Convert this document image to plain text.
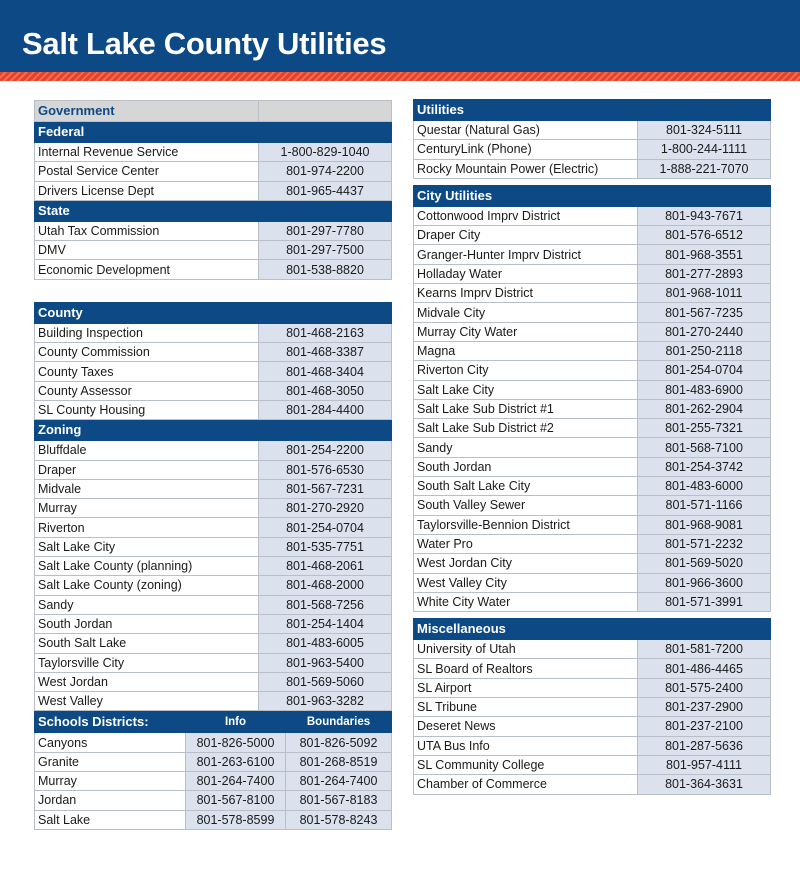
Salt Lake County Utilities
Government	
Federal	
Internal Revenue Service	1-800-829-1040
Postal Service Center	801-974-2200
Drivers License Dept	801-965-4437
State	
Utah Tax Commission	801-297-7780
DMV	801-297-7500
Economic Development	801-538-8820
County	
Building Inspection	801-468-2163
County Commission	801-468-3387
County Taxes	801-468-3404
County Assessor	801-468-3050
SL County Housing	801-284-4400
Zoning	
Bluffdale	801-254-2200
Draper	801-576-6530
Midvale	801-567-7231
Murray	801-270-2920
Riverton	801-254-0704
Salt Lake City	801-535-7751
Salt Lake County (planning)	801-468-2061
Salt Lake County (zoning)	801-468-2000
Sandy	801-568-7256
South Jordan	801-254-1404
South Salt Lake	801-483-6005
Taylorsville City	801-963-5400
West Jordan	801-569-5060
West Valley	801-963-3282
Schools Districts:	Info	Boundaries
Canyons	801-826-5000	801-826-5092
Granite	801-263-6100	801-268-8519
Murray	801-264-7400	801-264-7400
Jordan	801-567-8100	801-567-8183
Salt Lake	801-578-8599	801-578-8243
Utilities	
Questar (Natural Gas)	801-324-5111
CenturyLink (Phone)	1-800-244-1111
Rocky Mountain Power (Electric)	1-888-221-7070
City Utilities	
Cottonwood Imprv District	801-943-7671
Draper City	801-576-6512
Granger-Hunter Imprv District	801-968-3551
Holladay Water	801-277-2893
Kearns Imprv District	801-968-1011
Midvale City	801-567-7235
Murray City Water	801-270-2440
Magna	801-250-2118
Riverton City	801-254-0704
Salt Lake City	801-483-6900
Salt Lake Sub District #1	801-262-2904
Salt Lake Sub District #2	801-255-7321
Sandy	801-568-7100
South Jordan	801-254-3742
South Salt Lake City	801-483-6000
South Valley Sewer	801-571-1166
Taylorsville-Bennion District	801-968-9081
Water Pro	801-571-2232
West Jordan City	801-569-5020
West Valley City	801-966-3600
White City Water	801-571-3991
Miscellaneous	
University of Utah	801-581-7200
SL Board of Realtors	801-486-4465
SL Airport	801-575-2400
SL Tribune	801-237-2900
Deseret News	801-237-2100
UTA Bus Info	801-287-5636
SL Community College	801-957-4111
Chamber of Commerce	801-364-3631
